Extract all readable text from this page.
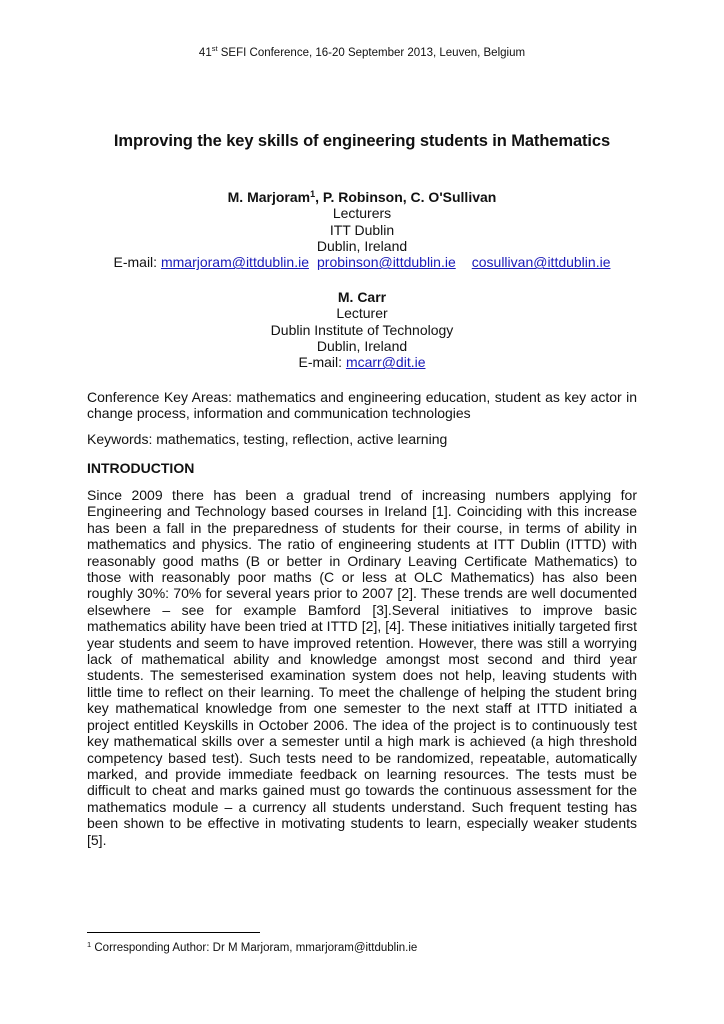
41st SEFI Conference, 16-20 September 2013, Leuven, Belgium
Improving the key skills of engineering students in Mathematics
M. Marjoram$^1$, P. Robinson, C. O'Sullivan
Lecturers
ITT Dublin
Dublin, Ireland
E-mail: mmarjoram@ittdublin.ie probinson@ittdublin.ie cosullivan@ittdublin.ie
M. Carr
Lecturer
Dublin Institute of Technology
Dublin, Ireland
E-mail: mcarr@dit.ie
Conference Key Areas: mathematics and engineering education, student as key actor in change process, information and communication technologies
Keywords: mathematics, testing, reflection, active learning
INTRODUCTION
Since 2009 there has been a gradual trend of increasing numbers applying for Engineering and Technology based courses in Ireland [1]. Coinciding with this increase has been a fall in the preparedness of students for their course, in terms of ability in mathematics and physics. The ratio of engineering students at ITT Dublin (ITTD) with reasonably good maths (B or better in Ordinary Leaving Certificate Mathematics) to those with reasonably poor maths (C or less at OLC Mathematics) has also been roughly 30%: 70% for several years prior to 2007 [2]. These trends are well documented elsewhere – see for example Bamford [3].Several initiatives to improve basic mathematics ability have been tried at ITTD [2], [4]. These initiatives initially targeted first year students and seem to have improved retention. However, there was still a worrying lack of mathematical ability and knowledge amongst most second and third year students. The semesterised examination system does not help, leaving students with little time to reflect on their learning. To meet the challenge of helping the student bring key mathematical knowledge from one semester to the next staff at ITTD initiated a project entitled Keyskills in October 2006. The idea of the project is to continuously test key mathematical skills over a semester until a high mark is achieved (a high threshold competency based test). Such tests need to be randomized, repeatable, automatically marked, and provide immediate feedback on learning resources. The tests must be difficult to cheat and marks gained must go towards the continuous assessment for the mathematics module – a currency all students understand. Such frequent testing has been shown to be effective in motivating students to learn, especially weaker students [5].
$^1$ Corresponding Author: Dr M Marjoram, mmarjoram@ittdublin.ie
